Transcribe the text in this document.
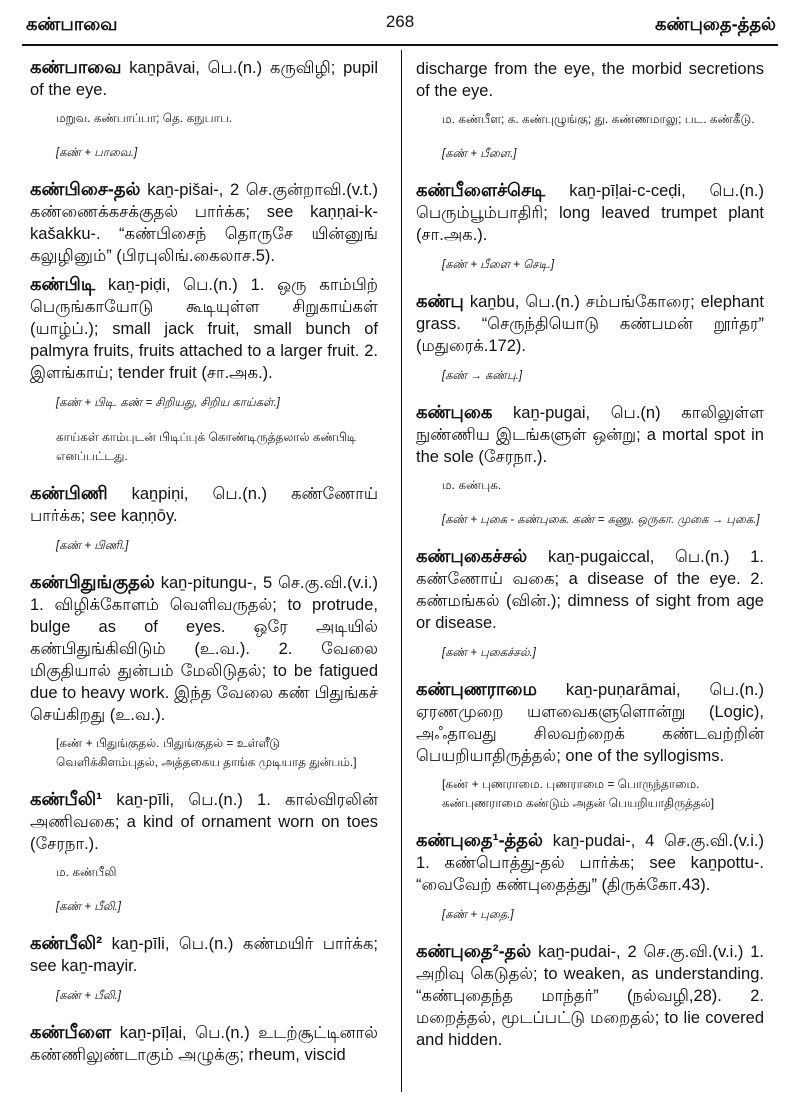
கண்பாவை	268	கண்புதை-த்தல்
கண்பாவை kaṉpāvai, பெ.(n.) கருவிழி; pupil of the eye.
மறுவ. கண்பாப்பா; தெ. கநுபாப.
[கண் + பாவை.]
கண்பிசை-தல் kaṉ-pišai-, 2 செ.குன்றாவி.(v.t.) கண்ணைக்கசக்குதல் பார்க்க; see kaṇṇai-k-kašakku-. “கண்பிசைந் தொருசே யின்னுங் கலுழினும்” (பிரபுலிங்.கைலாச.5).
கண்பிடி kaṉ-piḍi, பெ.(n.) 1. ஒரு காம்பிற் பெருங்காயோடு கூடியுள்ள சிறுகாய்கள் (யாழ்ப்.); small jack fruit, small bunch of palmyra fruits, fruits attached to a larger fruit. 2. இளங்காய்; tender fruit (சா.அக.).
[கண் + பிடி. கண் = சிறியது, சிறிய காய்கள்.]
காய்கள் காம்புடன் பிடிப்புக் கொண்டிருத்தலால் கண்பிடி எனப்பட்டது.
கண்பிணி kaṉpiṇi, பெ.(n.) கண்ணோய் பார்க்க; see kaṇṇōy.
[கண் + பிணி.]
கண்பிதுங்குதல் kaṉ-pitungu-, 5 செ.கு.வி.(v.i.) 1. விழிக்கோளம் வெளிவருதல்; to protrude, bulge as of eyes. ஒரே அடியில் கண்பிதுங்கிவிடும் (உ.வ.). 2. வேலை மிகுதியால் துன்பம் மேலிடுதல்; to be fatigued due to heavy work. இந்த வேலை கண் பிதுங்கச் செய்கிறது (உ.வ.).
[கண் + பிதுங்குதல். பிதுங்குதல் = உள்ளீடு வெளிக்கிளம்புதல், அத்தகைய தாங்க முடியாத துன்பம்.]
கண்பீலி¹ kaṉ-pīli, பெ.(n.) 1. கால்விரலின் அணிவகை; a kind of ornament worn on toes (சேரநா.).
ம. கண்பீலி
[கண் + பீலி.]
கண்பீலி² kaṉ-pīli, பெ.(n.) கண்மயிர் பார்க்க; see kaṉ-mayir.
[கண் + பீலி.]
கண்பீளை kaṉ-pīḷai, பெ.(n.) உடற்சூட்டினால் கண்ணிலுண்டாகும் அழுக்கு; rheum, viscid
discharge from the eye, the morbid secretions of the eye.
ம. கண்பீள; க. கண்புழுங்கு; து. கண்ணமாலு; பட. கண்கீடு.
[கண் + பீளை.]
கண்பீளைச்செடி kaṉ-pīḷai-c-ceḍi, பெ.(n.) பெரும்பூம்பாதிரி; long leaved trumpet plant (சா.அக.).
[கண் + பீளை + செடி.]
கண்பு kaṉbu, பெ.(n.) சம்பங்கோரை; elephant grass. “செருந்தியொடு கண்பமன் றூர்தர” (மதுரைக்.172).
[கண் → கண்பு.]
கண்புகை kaṉ-pugai, பெ.(n) காலிலுள்ள நுண்ணிய இடங்களுள் ஒன்று; a mortal spot in the sole (சேரநா.).
ம. கண்புக.
[கண் + புகை - கண்புகை. கண் = கணு. ஒருகா. முகை → புகை.]
கண்புகைச்சல் kaṉ-pugaiccal, பெ.(n.) 1. கண்ணோய் வகை; a disease of the eye. 2. கண்மங்கல் (வின்.); dimness of sight from age or disease.
[கண் + புகைச்சல்.]
கண்புணராமை kaṉ-puṇarāmai, பெ.(n.) ஏரணமுறை யளவைகளுளொன்று (Logic), அஃதாவது சிலவற்றைக் கண்டவற்றின் பெயறியாதிருத்தல்; one of the syllogisms.
[கண் + புணராமை. புணராமை = பொருந்தாமை. கண்புணராமை கண்டும் அதன் பெயறியாதிருத்தல்]
கண்புதை¹-த்தல் kaṉ-pudai-, 4 செ.கு.வி.(v.i.) 1. கண்பொத்து-தல் பார்க்க; see kaṉpottu-. “வைவேற் கண்புதைத்து” (திருக்கோ.43).
[கண் + புதை.]
கண்புதை²-தல் kaṉ-pudai-, 2 செ.கு.வி.(v.i.) 1. அறிவு கெடுதல்; to weaken, as understanding. “கண்புதைந்த மாந்தர்” (நல்வழி,28). 2. மறைத்தல், மூடப்பட்டு மறைதல்; to lie covered and hidden.
